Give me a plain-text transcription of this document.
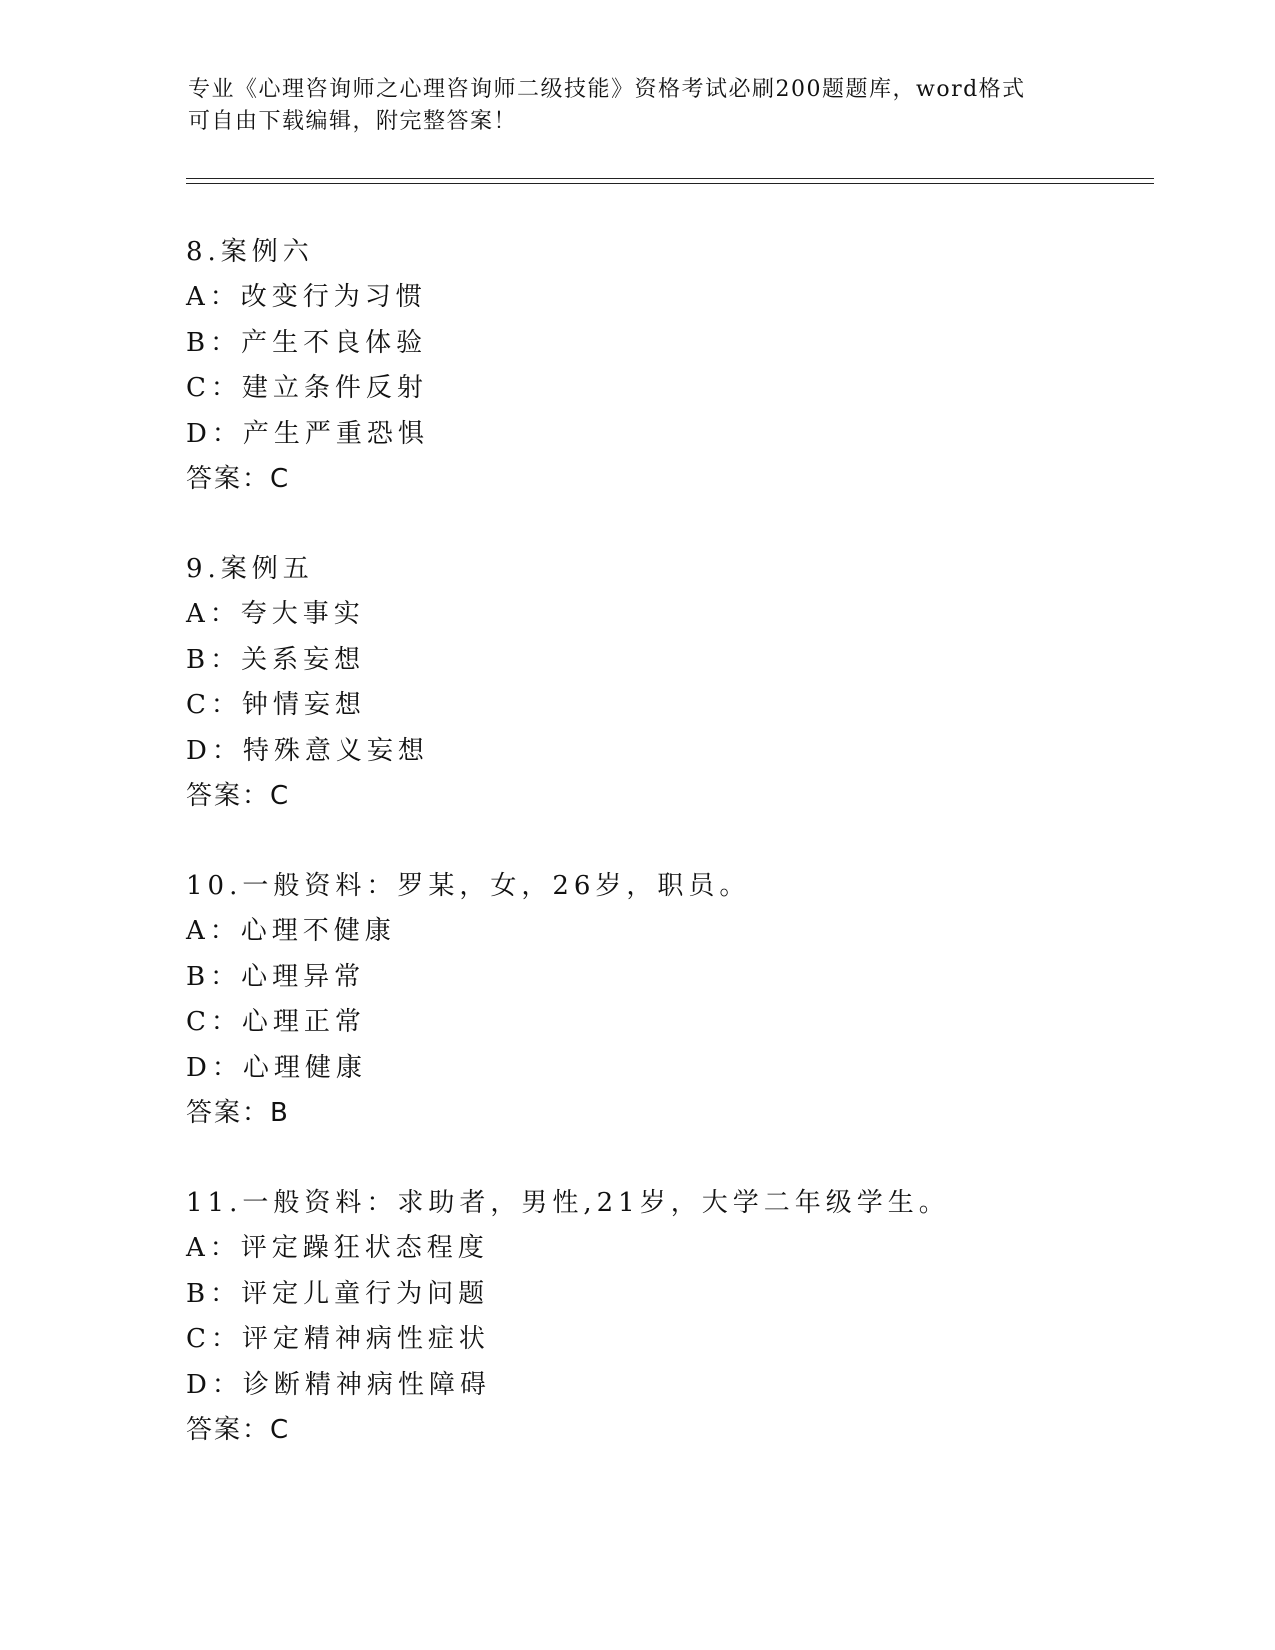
专业《心理咨询师之心理咨询师二级技能》资格考试必刷200题题库，word格式
可自由下载编辑，附完整答案！
8.案例六
A：改变行为习惯
B：产生不良体验
C：建立条件反射
D：产生严重恐惧
答案：C
9.案例五
A：夸大事实
B：关系妄想
C：钟情妄想
D：特殊意义妄想
答案：C
10.一般资料：罗某，女，26岁，职员。
A：心理不健康
B：心理异常
C：心理正常
D：心理健康
答案：B
11.一般资料：求助者，男性,21岁，大学二年级学生。
A：评定躁狂状态程度
B：评定儿童行为问题
C：评定精神病性症状
D：诊断精神病性障碍
答案：C
